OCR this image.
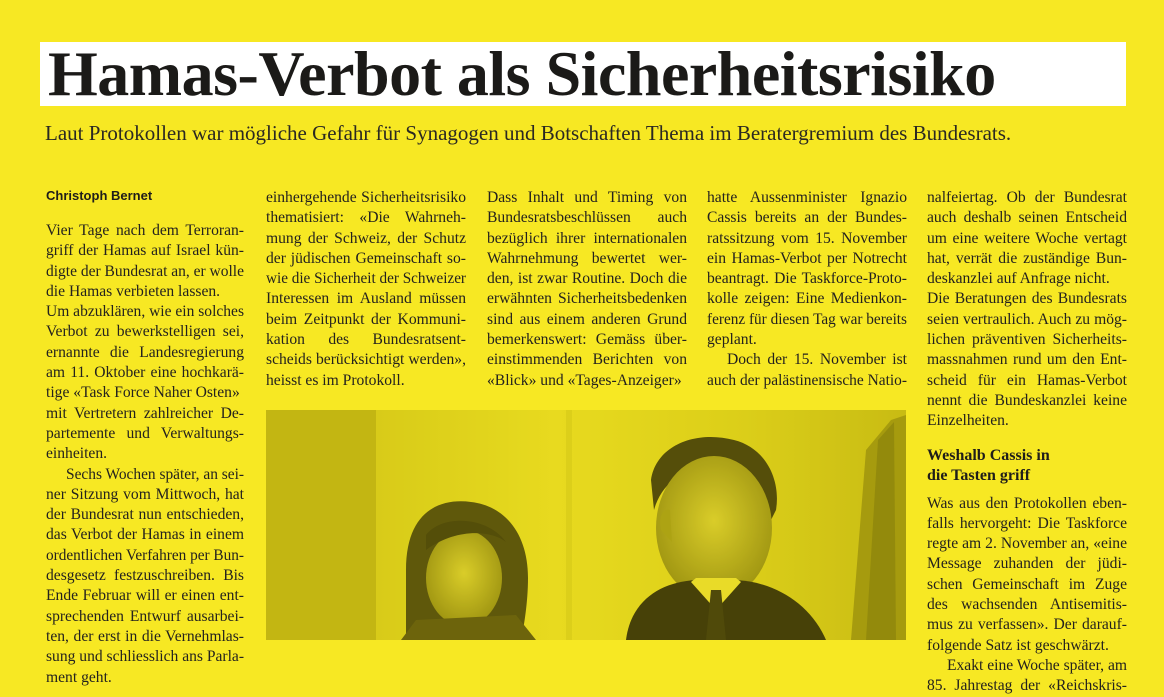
Hamas-Verbot als Sicherheitsrisiko

Laut Protokollen war mögliche Gefahr für Synagogen und Botschaften Thema im Beratergremium des Bundesrats.

Christoph Bernet
Vier Tage nach dem Terroran-
griff der Hamas auf Israel kün-
digte der Bundesrat an, er wolle
die Hamas verbieten lassen.
Um abzuklären, wie ein solches
Verbot zu bewerkstelligen sei,
ernannte die Landesregierung
am 11. Oktober eine hochkarä-
tige «Task Force Naher Osten»
mit Vertretern zahlreicher De-
partemente und Verwaltungs-
einheiten.
Sechs Wochen später, an sei-
ner Sitzung vom Mittwoch, hat
der Bundesrat nun entschieden,
das Verbot der Hamas in einem
ordentlichen Verfahren per Bun-
desgesetz festzuschreiben. Bis
Ende Februar will er einen ent-
sprechenden Entwurf ausarbei-
ten, der erst in die Vernehmlas-
sung und schliesslich ans Parla-
ment geht.
einhergehende Sicherheitsrisiko
thematisiert: «Die Wahrneh-
mung der Schweiz, der Schutz
der jüdischen Gemeinschaft so-
wie die Sicherheit der Schweizer
Interessen im Ausland müssen
beim Zeitpunkt der Kommuni-
kation des Bundesratsent-
scheids berücksichtigt werden»,
heisst es im Protokoll.
Dass Inhalt und Timing von
Bundesratsbeschlüssen auch
bezüglich ihrer internationalen
Wahrnehmung bewertet wer-
den, ist zwar Routine. Doch die
erwähnten Sicherheitsbedenken
sind aus einem anderen Grund
bemerkenswert: Gemäss über-
einstimmenden Berichten von
«Blick» und «Tages-Anzeiger»
hatte Aussenminister Ignazio
Cassis bereits an der Bundes-
ratssitzung vom 15. November
ein Hamas-Verbot per Notrecht
beantragt. Die Taskforce-Proto-
kolle zeigen: Eine Medienkon-
ferenz für diesen Tag war bereits
geplant.
Doch der 15. November ist
auch der palästinensische Natio-
nalfeiertag. Ob der Bundesrat
auch deshalb seinen Entscheid
um eine weitere Woche vertagt
hat, verrät die zuständige Bun-
deskanzlei auf Anfrage nicht.
Die Beratungen des Bundesrats
seien vertraulich. Auch zu mög-
lichen präventiven Sicherheits-
massnahmen rund um den Ent-
scheid für ein Hamas-Verbot
nennt die Bundeskanzlei keine
Einzelheiten.
Weshalb Cassis in
die Tasten griff
Was aus den Protokollen eben-
falls hervorgeht: Die Taskforce
regte am 2. November an, «eine
Message zuhanden der jüdi-
schen Gemeinschaft im Zuge
des wachsenden Antisemitis-
mus zu verfassen». Der darauf-
folgende Satz ist geschwärzt.
Exakt eine Woche später, am
85. Jahrestag der «Reichskris-
